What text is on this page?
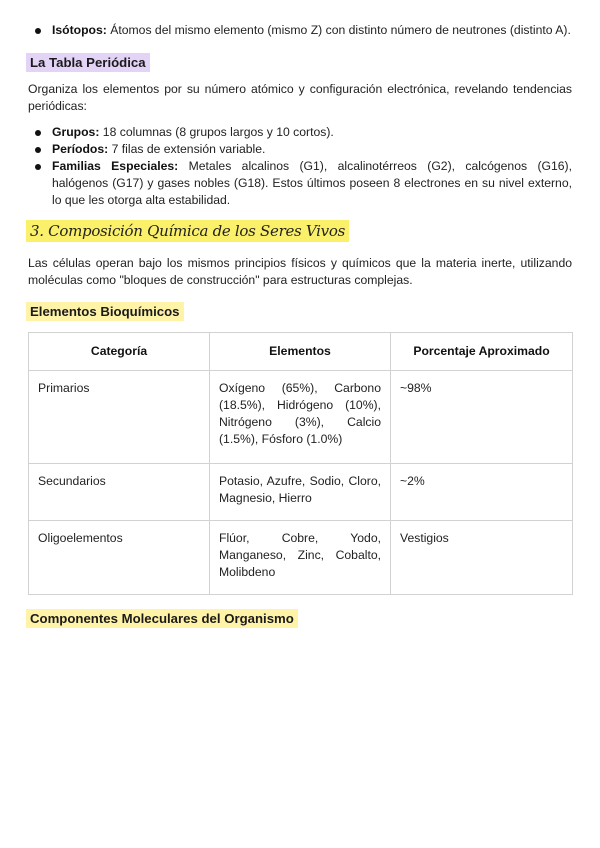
Isótopos: Átomos del mismo elemento (mismo Z) con distinto número de neutrones (distinto A).
La Tabla Periódica

Organiza los elementos por su número atómico y configuración electrónica, revelando tendencias periódicas:

Grupos: 18 columnas (8 grupos largos y 10 cortos).
Períodos: 7 filas de extensión variable.
Familias Especiales: Metales alcalinos (G1), alcalinotérreos (G2), calcógenos (G16), halógenos (G17) y gases nobles (G18). Estos últimos poseen 8 electrones en su nivel externo, lo que les otorga alta estabilidad.
3. Composición Química de los Seres Vivos

Las células operan bajo los mismos principios físicos y químicos que la materia inerte, utilizando moléculas como "bloques de construcción" para estructuras complejas.

Elementos Bioquímicos
Categoría	Elementos	Porcentaje Aproximado
Primarios	Oxígeno (65%), Carbono (18.5%), Hidrógeno (10%), Nitrógeno (3%), Calcio (1.5%), Fósforo (1.0%)	~98%
Secundarios	Potasio, Azufre, Sodio, Cloro, Magnesio, Hierro	~2%
Oligoelementos	Flúor, Cobre, Yodo, Manganeso, Zinc, Cobalto, Molibdeno	Vestigios
Componentes Moleculares del Organismo
